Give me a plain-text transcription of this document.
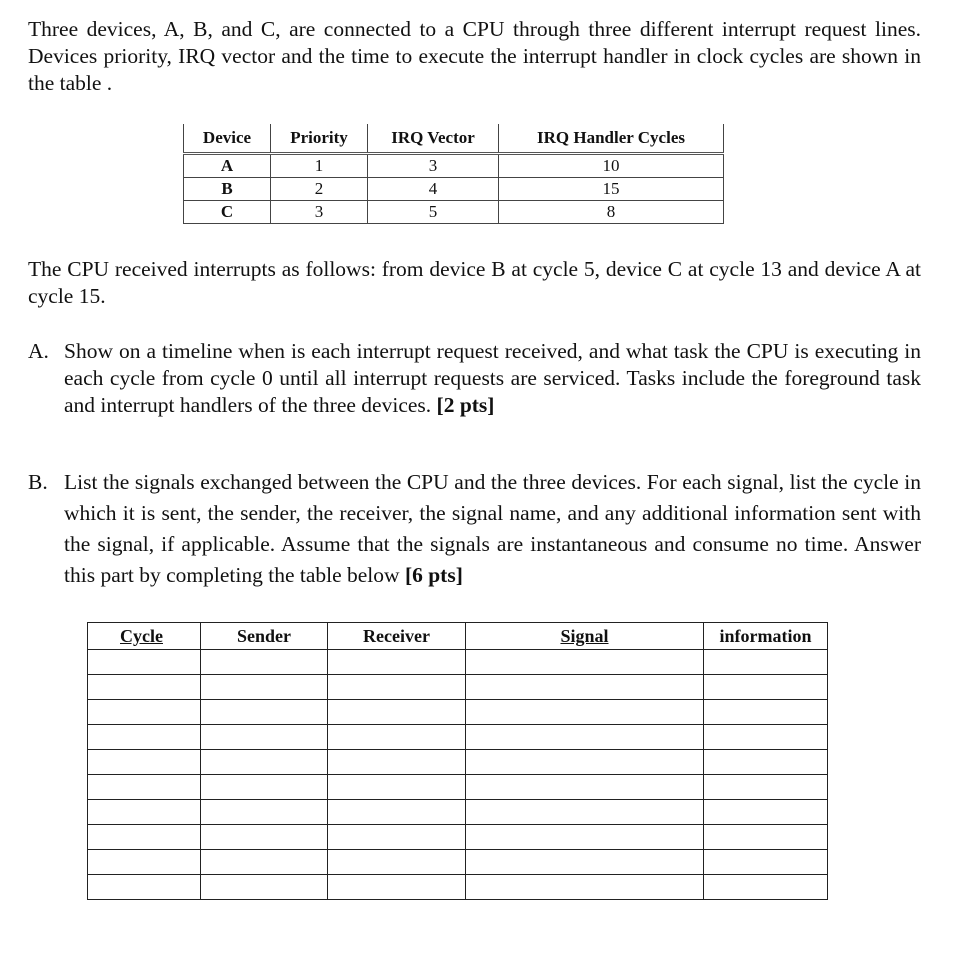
Three devices, A, B, and C, are connected to a CPU through three different interrupt request lines. Devices priority, IRQ vector and the time to execute the interrupt handler in clock cycles are shown in the table .

Device	Priority	IRQ Vector	IRQ Handler Cycles
A	1	3	10
B	2	4	15
C	3	5	8

The CPU received interrupts as follows: from device B at cycle 5, device C at cycle 13 and device A at cycle 15.

A. Show on a timeline when is each interrupt request received, and what task the CPU is executing in each cycle from cycle 0 until all interrupt requests are serviced. Tasks include the foreground task and interrupt handlers of the three devices. [2 pts]
B. List the signals exchanged between the CPU and the three devices. For each signal, list the cycle in which it is sent, the sender, the receiver, the signal name, and any additional information sent with the signal, if applicable. Assume that the signals are instantaneous and consume no time. Answer this part by completing the table below [6 pts]
Cycle	Sender	Receiver	Signal	information
